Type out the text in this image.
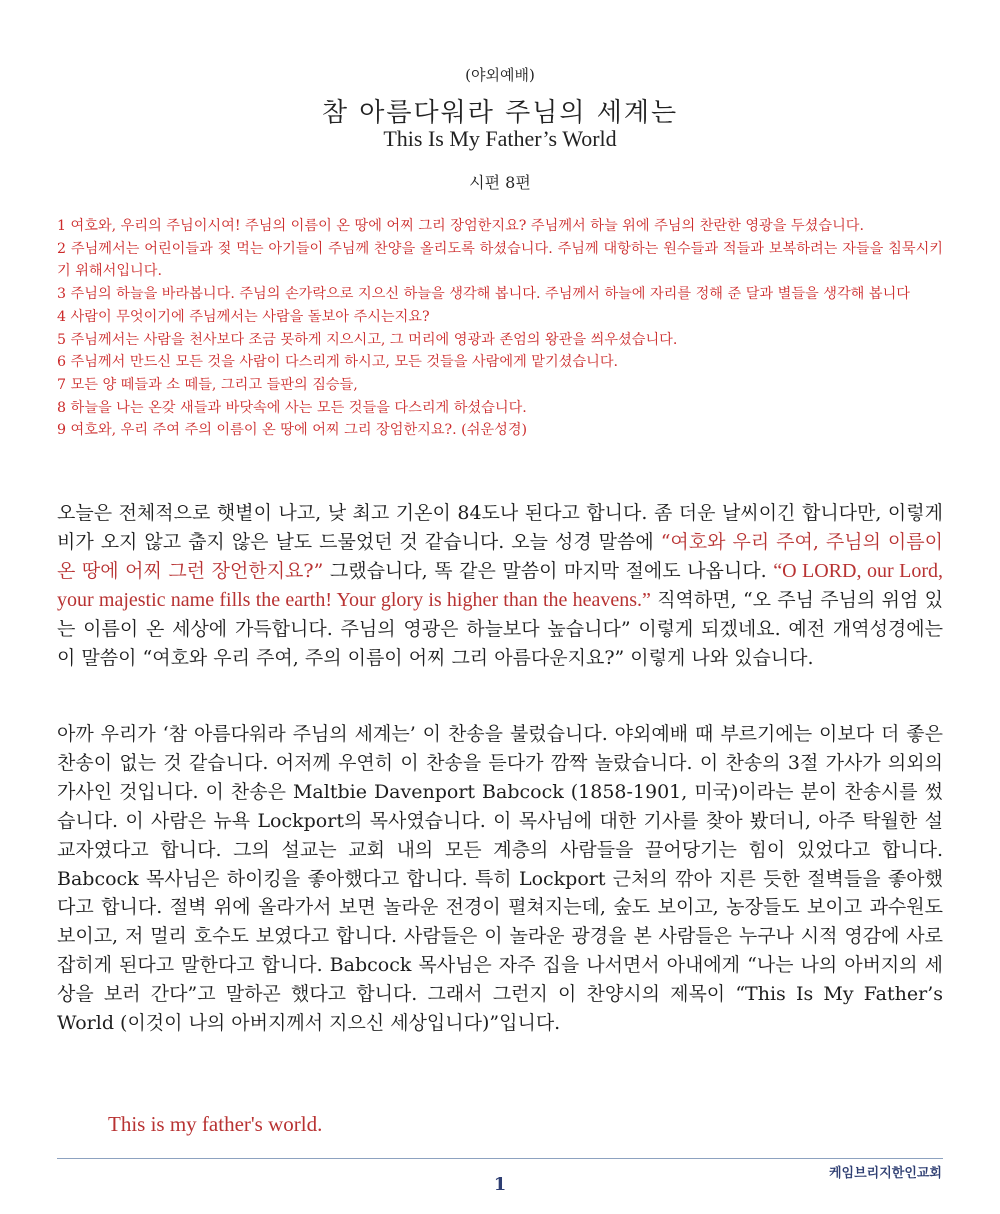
(야외예배)
참 아름다워라 주님의 세계는
This Is My Father’s World
시편 8편

1 여호와, 우리의 주님이시여! 주님의 이름이 온 땅에 어찌 그리 장엄한지요? 주님께서 하늘 위에 주님의 찬란한 영광을 두셨습니다.

2 주님께서는 어린이들과 젖 먹는 아기들이 주님께 찬양을 올리도록 하셨습니다. 주님께 대항하는 원수들과 적들과 보복하려는 자들을 침묵시키기 위해서입니다.

3 주님의 하늘을 바라봅니다. 주님의 손가락으로 지으신 하늘을 생각해 봅니다. 주님께서 하늘에 자리를 정해 준 달과 별들을 생각해 봅니다

4 사람이 무엇이기에 주님께서는 사람을 돌보아 주시는지요?

5 주님께서는 사람을 천사보다 조금 못하게 지으시고, 그 머리에 영광과 존엄의 왕관을 씌우셨습니다.

6 주님께서 만드신 모든 것을 사람이 다스리게 하시고, 모든 것들을 사람에게 맡기셨습니다.

7 모든 양 떼들과 소 떼들, 그리고 들판의 짐승들,

8 하늘을 나는 온갖 새들과 바닷속에 사는 모든 것들을 다스리게 하셨습니다.

9 여호와, 우리 주여 주의 이름이 온 땅에 어찌 그리 장엄한지요?. (쉬운성경)

오늘은 전체적으로 햇볕이 나고, 낮 최고 기온이 84도나 된다고 합니다. 좀 더운 날씨이긴 합니다만, 이렇게 비가 오지 않고 춥지 않은 날도 드물었던 것 같습니다. 오늘 성경 말씀에 “여호와 우리 주여, 주님의 이름이 온 땅에 어찌 그런 장언한지요?” 그랬습니다, 똑 같은 말씀이 마지막 절에도 나옵니다. “O LORD, our Lord, your majestic name fills the earth! Your glory is higher than the heavens.” 직역하면, “오 주님 주님의 위엄 있는 이름이 온 세상에 가득합니다. 주님의 영광은 하늘보다 높습니다” 이렇게 되겠네요. 예전 개역성경에는 이 말씀이 “여호와 우리 주여, 주의 이름이 어찌 그리 아름다운지요?” 이렇게 나와 있습니다.

아까 우리가 ‘참 아름다워라 주님의 세계는’ 이 찬송을 불렀습니다. 야외예배 때 부르기에는 이보다 더 좋은 찬송이 없는 것 같습니다. 어저께 우연히 이 찬송을 듣다가 깜짝 놀랐습니다. 이 찬송의 3절 가사가 의외의 가사인 것입니다. 이 찬송은 Maltbie Davenport Babcock (1858-1901, 미국)이라는 분이 찬송시를 썼습니다. 이 사람은 뉴욕 Lockport의 목사였습니다. 이 목사님에 대한 기사를 찾아 봤더니, 아주 탁월한 설교자였다고 합니다. 그의 설교는 교회 내의 모든 계층의 사람들을 끌어당기는 힘이 있었다고 합니다. Babcock 목사님은 하이킹을 좋아했다고 합니다. 특히 Lockport 근처의 깎아 지른 듯한 절벽들을 좋아했다고 합니다. 절벽 위에 올라가서 보면 놀라운 전경이 펼쳐지는데, 숲도 보이고, 농장들도 보이고 과수원도 보이고, 저 멀리 호수도 보였다고 합니다. 사람들은 이 놀라운 광경을 본 사람들은 누구나 시적 영감에 사로잡히게 된다고 말한다고 합니다. Babcock 목사님은 자주 집을 나서면서 아내에게 “나는 나의 아버지의 세상을 보러 간다”고 말하곤 했다고 합니다. 그래서 그런지 이 찬양시의 제목이 “This Is My Father’s World (이것이 나의 아버지께서 지으신 세상입니다)”입니다.

This is my father's world.

케임브리지한인교회
1
